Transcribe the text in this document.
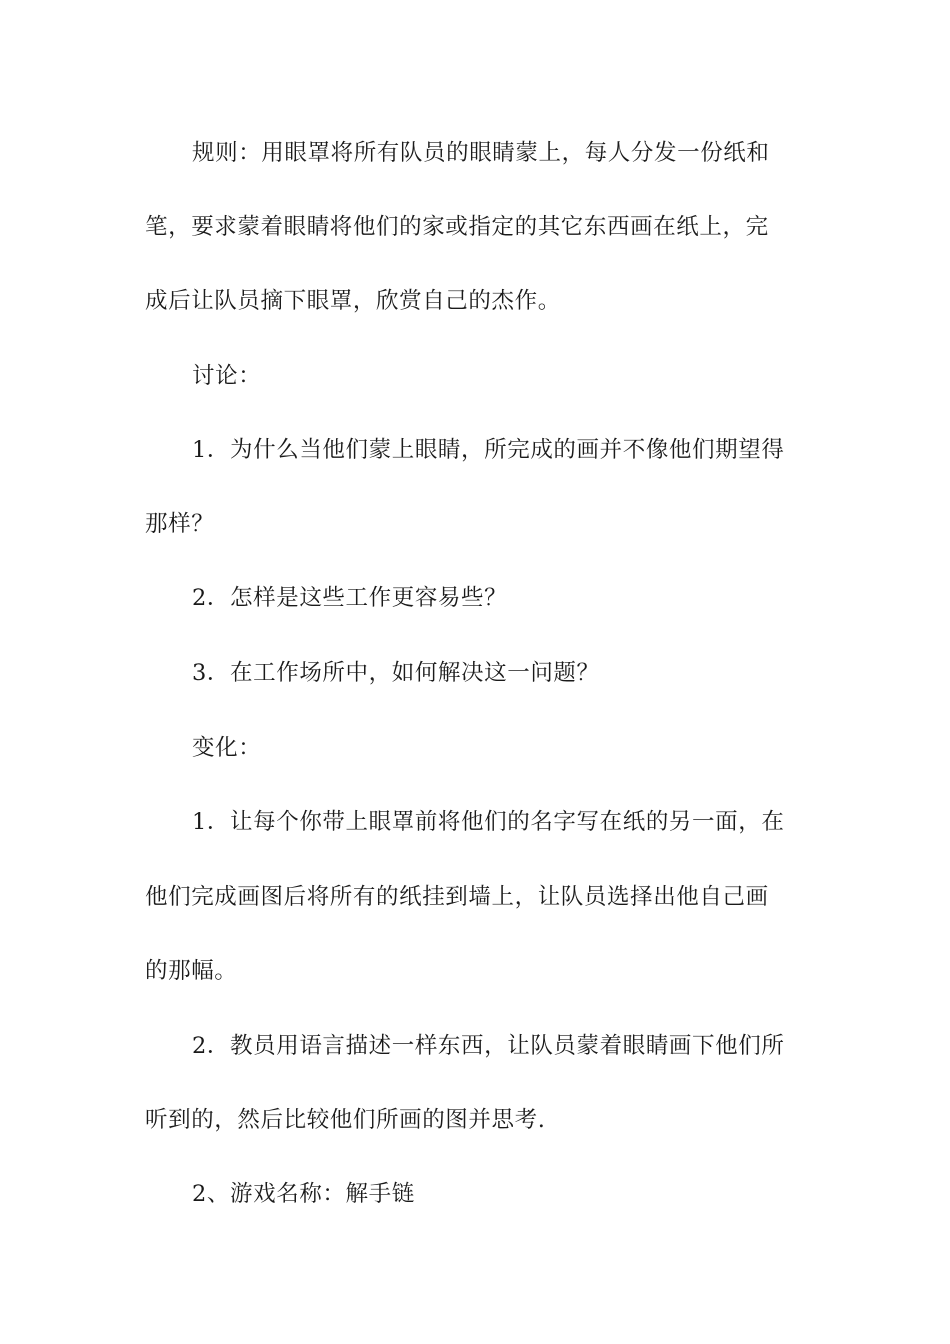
规则：用眼罩将所有队员的眼睛蒙上，每人分发一份纸和
笔，要求蒙着眼睛将他们的家或指定的其它东西画在纸上，完
成后让队员摘下眼罩，欣赏自己的杰作。
讨论：
1．为什么当他们蒙上眼睛，所完成的画并不像他们期望得
那样？
2．怎样是这些工作更容易些？
3．在工作场所中，如何解决这一问题？
变化：
1．让每个你带上眼罩前将他们的名字写在纸的另一面，在
他们完成画图后将所有的纸挂到墙上，让队员选择出他自己画
的那幅。
2．教员用语言描述一样东西，让队员蒙着眼睛画下他们所
听到的，然后比较他们所画的图并思考.
2、游戏名称：解手链
